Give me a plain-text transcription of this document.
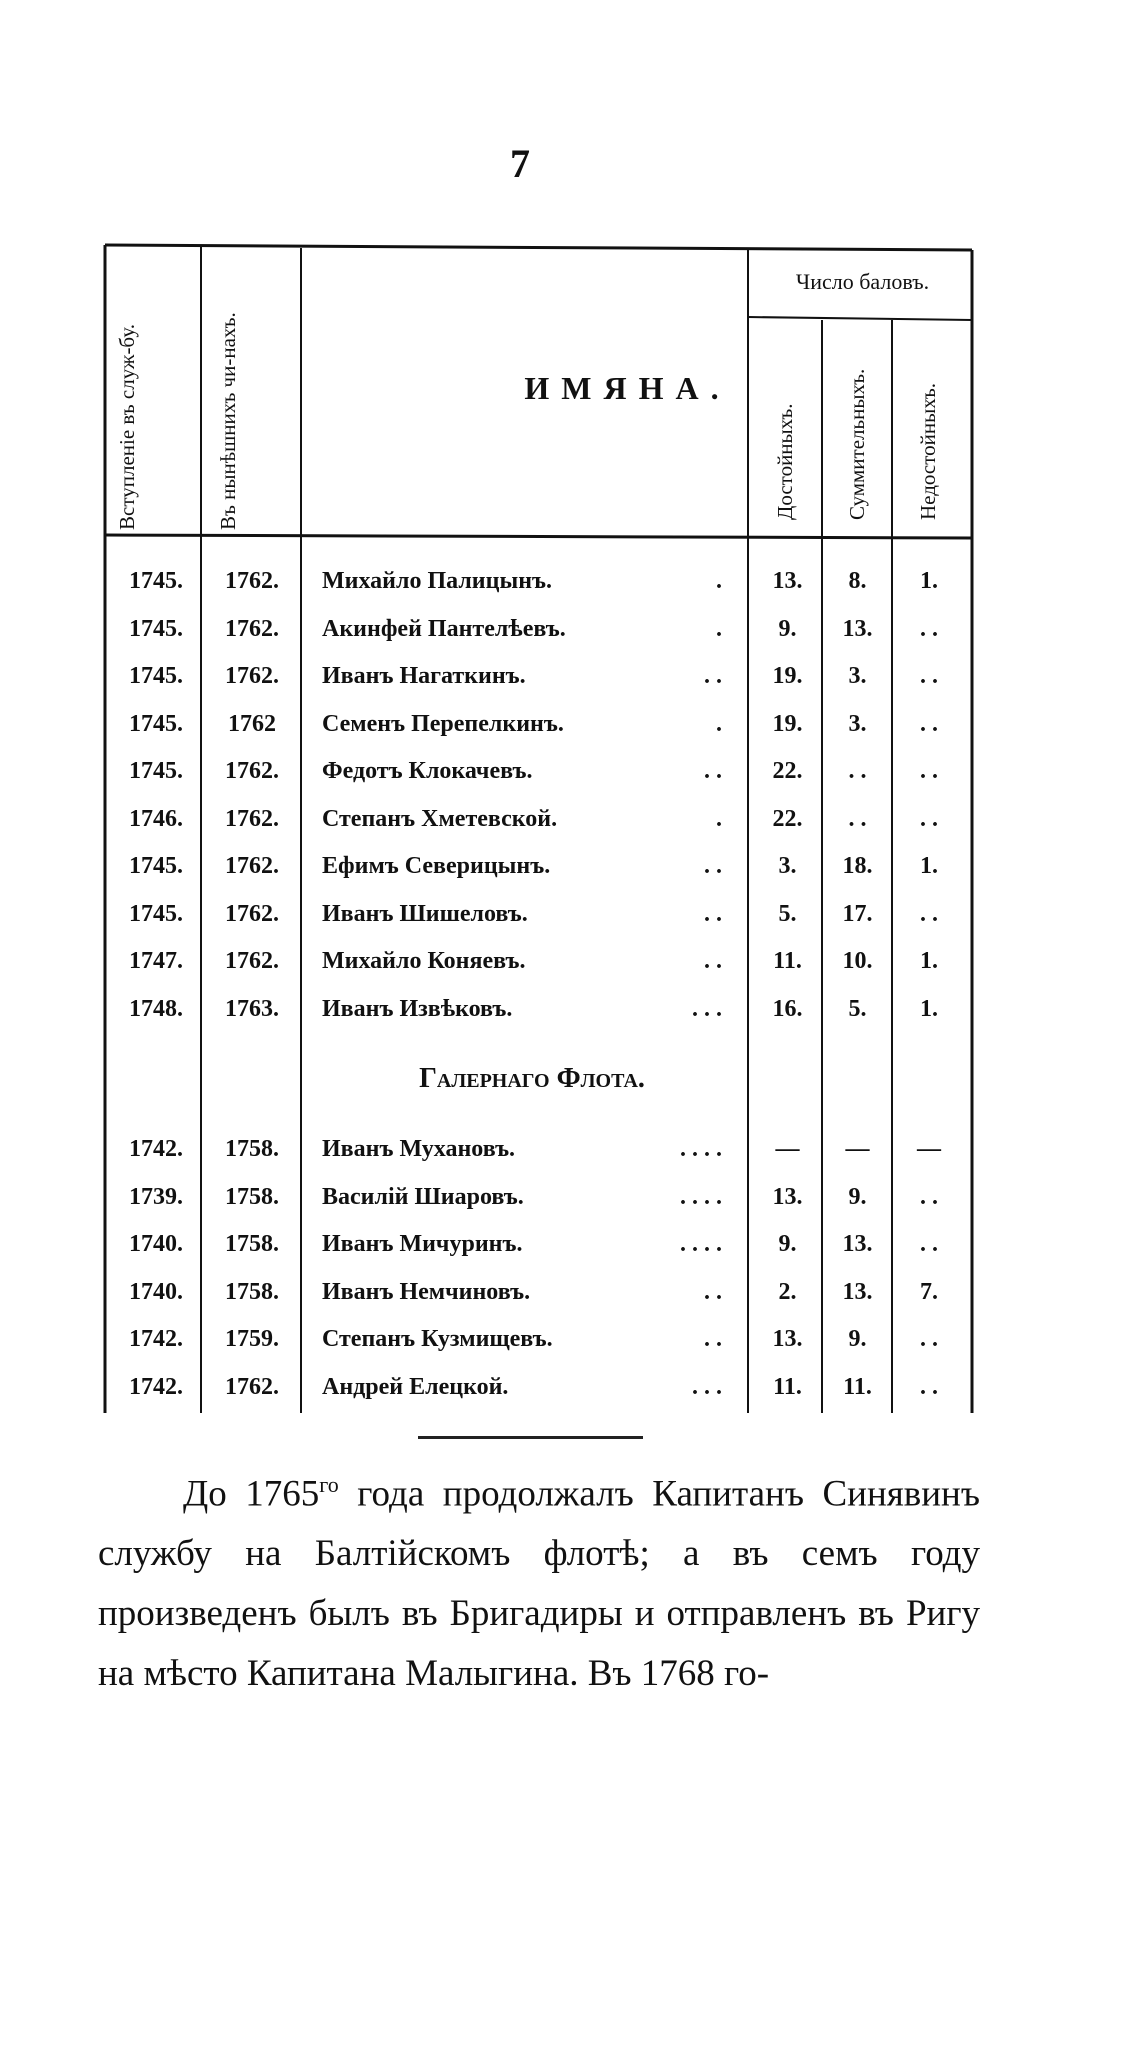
7
Вступленіе въ служ-бу.	Въ нынѣшнихъ чи-нахъ.	ИМЯНА.
Число баловъ.
Достойныхъ. Суммительныхъ. Недостойныхъ.
1745.	1762.	Михайло Палицынъ.	.	13.	8.	1.
1745.	1762.	Акинфей Пантелѣевъ.	.	9.	13.	. .
1745.	1762.	Иванъ Нагаткинъ.	. .	19.	3.	. .
1745.	1762	Семенъ Перепелкинъ.	.	19.	3.	. .
1745.	1762.	Федотъ Клокачевъ.	. .	22.	. .	. .
1746.	1762.	Степанъ Хметевской.	.	22.	. .	. .
1745.	1762.	Ефимъ Северицынъ.	. .	3.	18.	1.
1745.	1762.	Иванъ Шишеловъ.	. .	5.	17.	. .
1747.	1762.	Михайло Коняевъ.	. .	11.	10.	1.
1748.	1763.	Иванъ Извѣковъ.	. . .	16.	5.	1.
Галернаго Флота.
1742.	1758.	Иванъ Мухановъ.	. . . .	—	—	—
1739.	1758.	Василій Шиаровъ.	. . . .	13.	9.	. .
1740.	1758.	Иванъ Мичуринъ.	. . . .	9.	13.	. .
1740.	1758.	Иванъ Немчиновъ.	. .	2.	13.	7.
1742.	1759.	Степанъ Кузмищевъ.	. .	13.	9.	. .
1742.	1762.	Андрей Елецкой.	. . .	11.	11.	. .

До $1765^{го}$ года продолжалъ Капитанъ Синявинъ службу на Балтійскомъ флотѣ; а въ семъ году произведенъ былъ въ Бригадиры и отправленъ въ Ригу на мѣсто Капитана Малыгина. Въ 1768 го-
